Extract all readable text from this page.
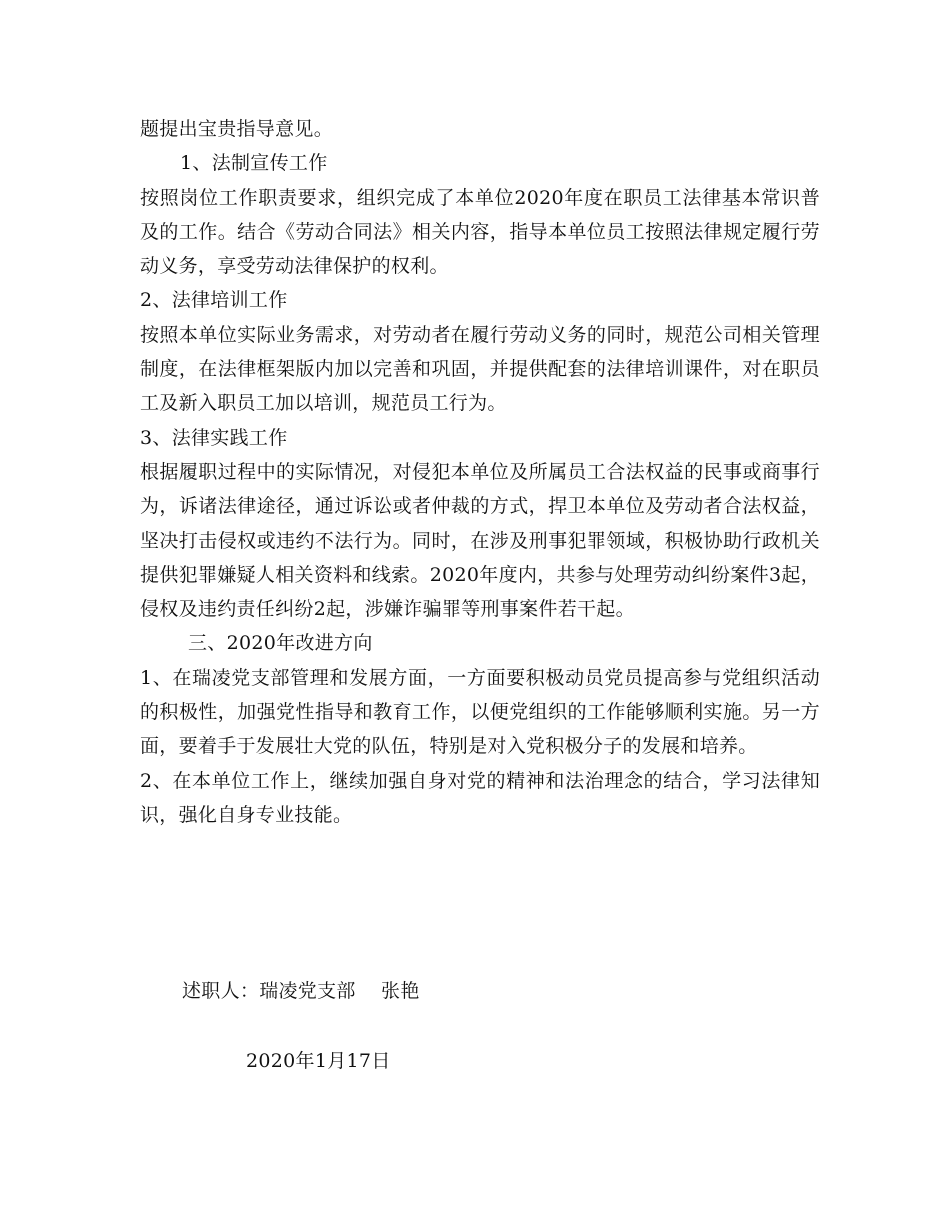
题提出宝贵指导意见。

1、法制宣传工作

按照岗位工作职责要求，组织完成了本单位2020年度在职员工法律基本常识普及的工作。结合《劳动合同法》相关内容，指导本单位员工按照法律规定履行劳动义务，享受劳动法律保护的权利。

2、法律培训工作

按照本单位实际业务需求，对劳动者在履行劳动义务的同时，规范公司相关管理制度，在法律框架版内加以完善和巩固，并提供配套的法律培训课件，对在职员工及新入职员工加以培训，规范员工行为。

3、法律实践工作

根据履职过程中的实际情况，对侵犯本单位及所属员工合法权益的民事或商事行为，诉诸法律途径，通过诉讼或者仲裁的方式，捍卫本单位及劳动者合法权益，坚决打击侵权或违约不法行为。同时，在涉及刑事犯罪领域，积极协助行政机关提供犯罪嫌疑人相关资料和线索。2020年度内，共参与处理劳动纠纷案件3起，侵权及违约责任纠纷2起，涉嫌诈骗罪等刑事案件若干起。

三、2020年改进方向

1、在瑞凌党支部管理和发展方面，一方面要积极动员党员提高参与党组织活动的积极性，加强党性指导和教育工作，以便党组织的工作能够顺利实施。另一方面，要着手于发展壮大党的队伍，特别是对入党积极分子的发展和培养。

2、在本单位工作上，继续加强自身对党的精神和法治理念的结合，学习法律知识，强化自身专业技能。

述职人：瑞凌党支部    张艳
2020年1月17日
